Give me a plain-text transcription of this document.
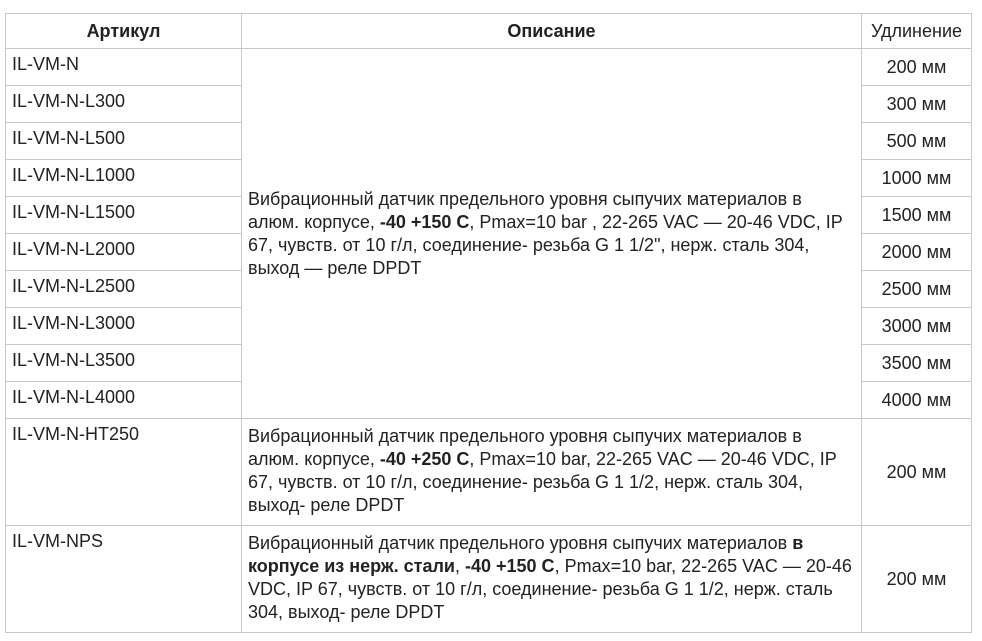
Артикул	Описание	Удлинение
IL-VM-N	Вибрационный датчик предельного уровня сыпучих материалов в алюм. корпусе, -40 +150 С, Pmax=10 bar , 22-265 VAC — 20-46 VDC, IP 67, чувств. от 10 г/л, соединение- резьба G 1 1/2", нерж. сталь 304, выход — реле DPDT	200 мм
IL-VM-N-L300		300 мм
IL-VM-N-L500		500 мм
IL-VM-N-L1000		1000 мм
IL-VM-N-L1500		1500 мм
IL-VM-N-L2000		2000 мм
IL-VM-N-L2500		2500 мм
IL-VM-N-L3000		3000 мм
IL-VM-N-L3500		3500 мм
IL-VM-N-L4000		4000 мм
IL-VM-N-HT250	Вибрационный датчик предельного уровня сыпучих материалов в алюм. корпусе, -40 +250 С, Pmax=10 bar, 22-265 VAC — 20-46 VDC, IP 67, чувств. от 10 г/л, соединение- резьба G 1 1/2, нерж. сталь 304, выход- реле DPDT	200 мм
IL-VM-NPS	Вибрационный датчик предельного уровня сыпучих материалов в корпусе из нерж. стали, -40 +150 С, Pmax=10 bar, 22-265 VAC — 20-46 VDC, IP 67, чувств. от 10 г/л, соединение- резьба G 1 1/2, нерж. сталь 304, выход- реле DPDT	200 мм
